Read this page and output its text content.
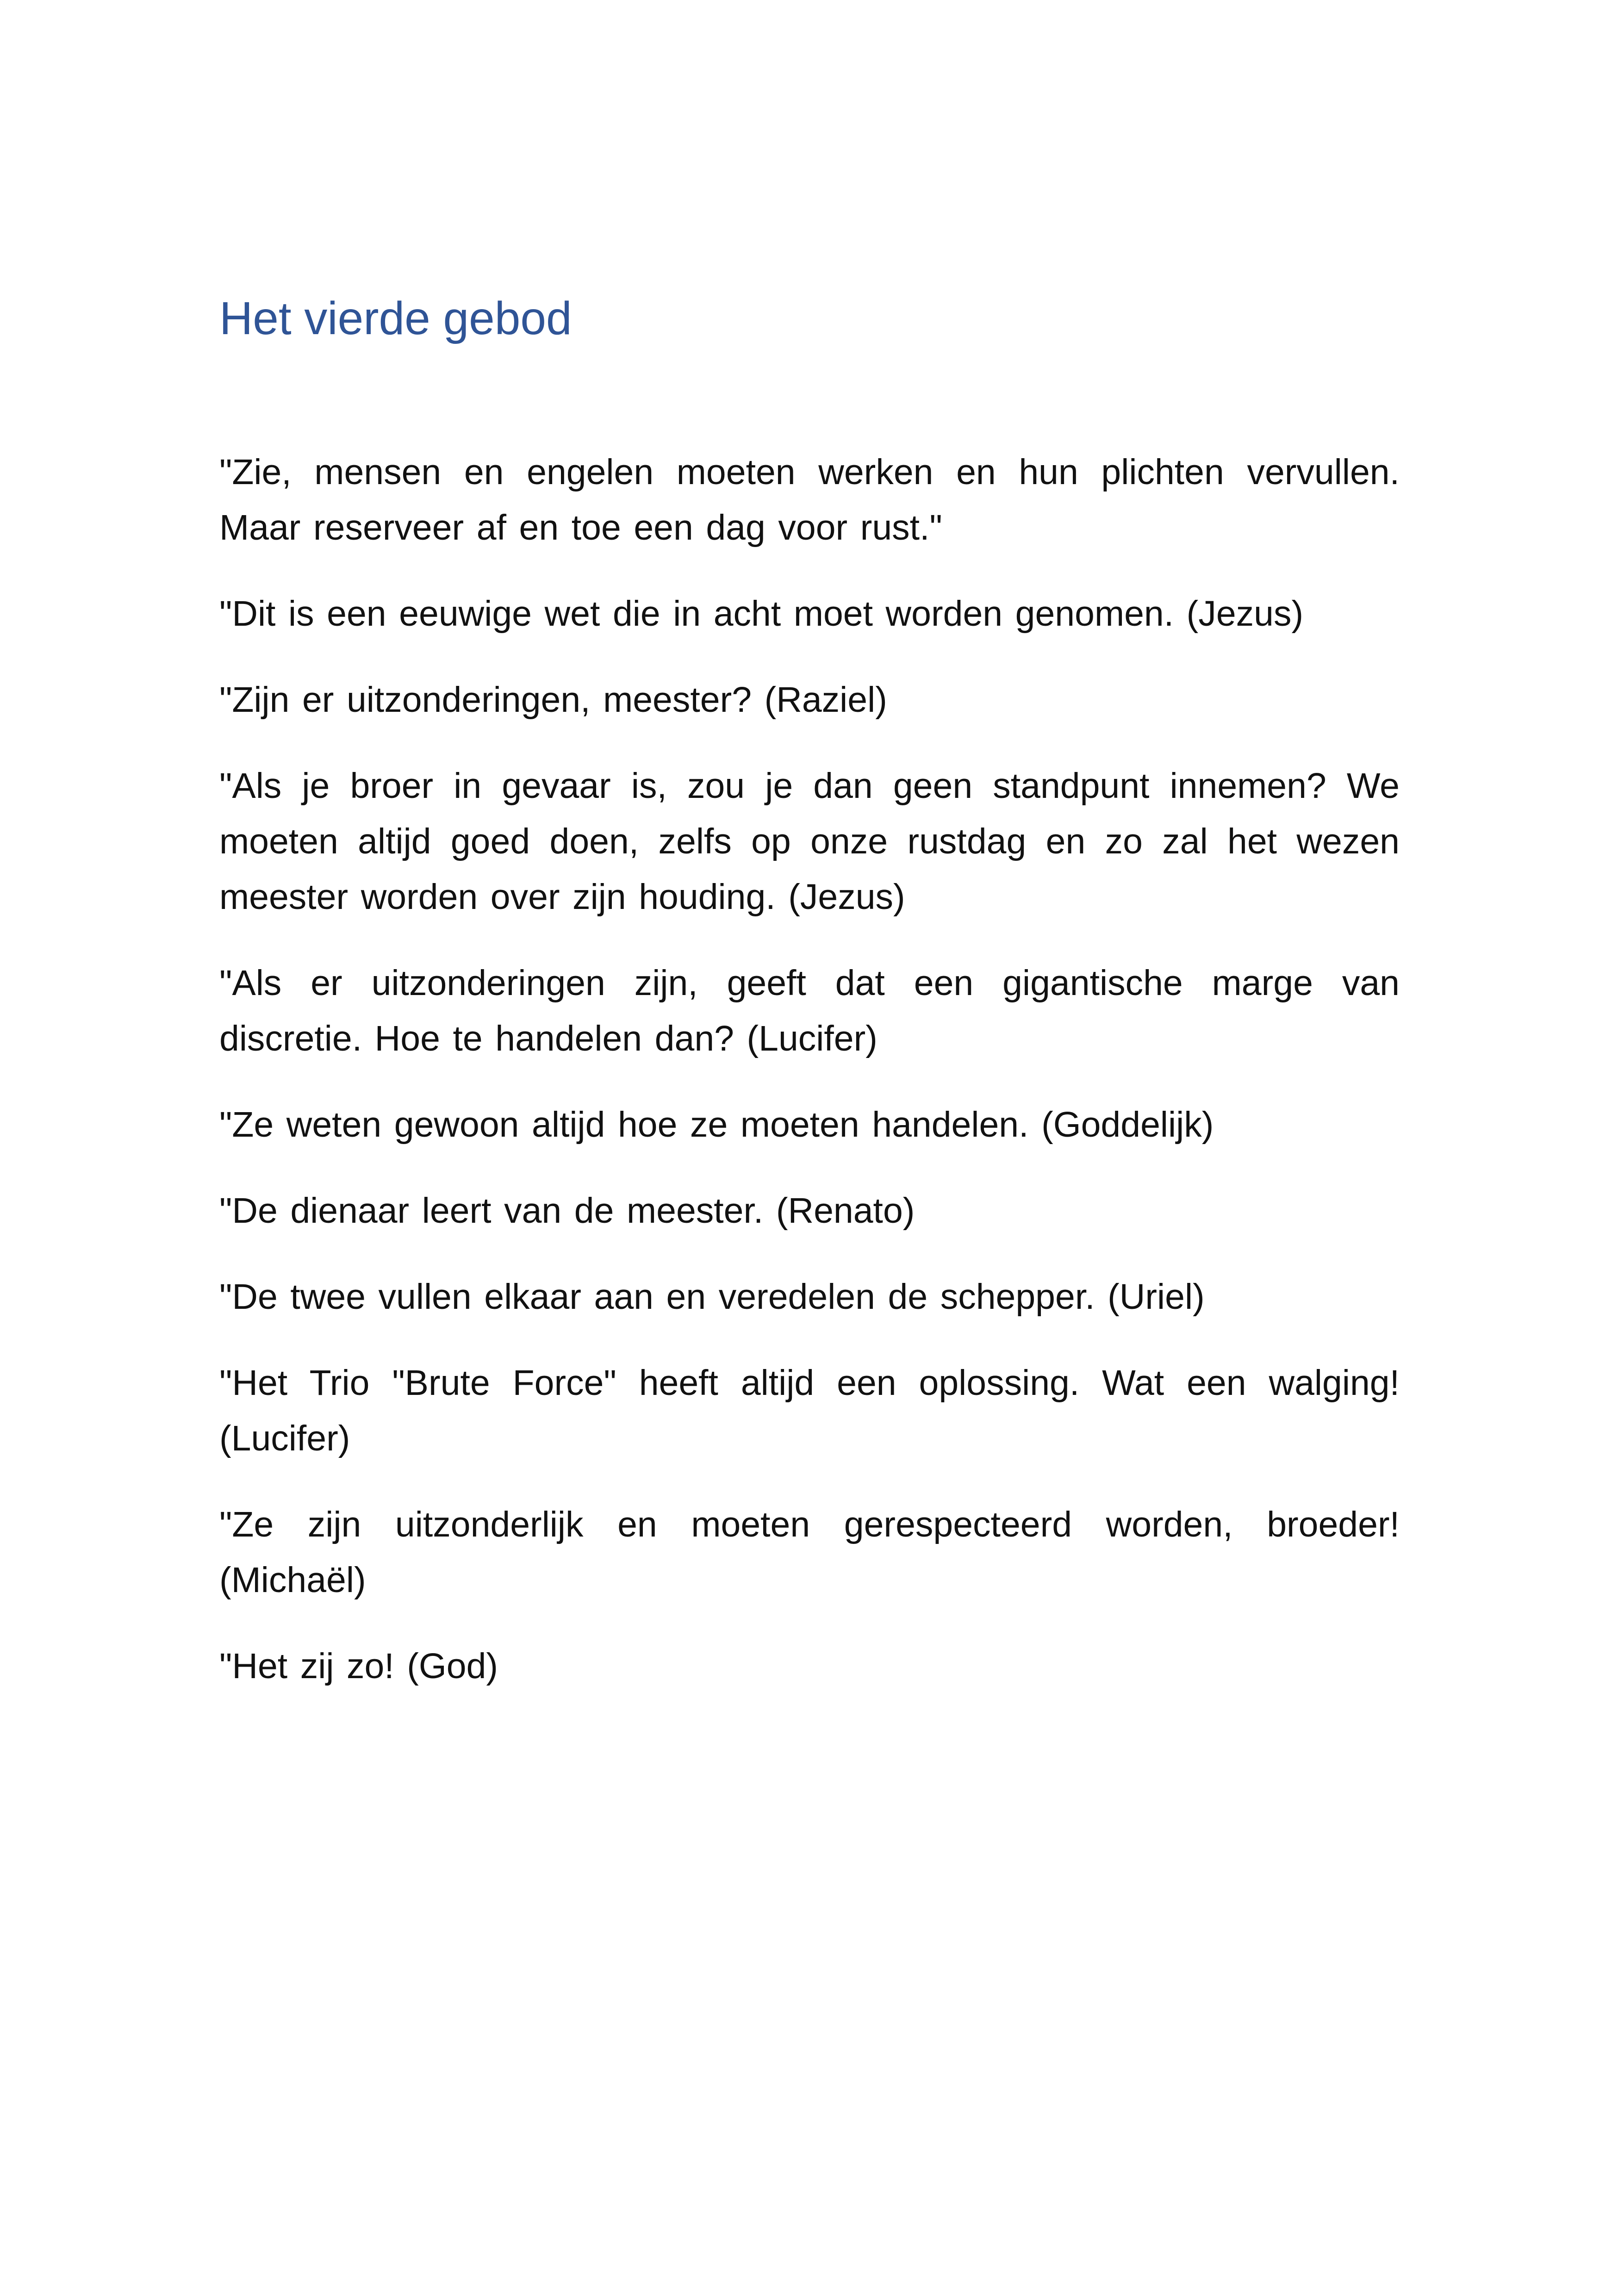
Het vierde gebod

"Zie, mensen en engelen moeten werken en hun plichten vervullen. Maar reserveer af en toe een dag voor rust."

"Dit is een eeuwige wet die in acht moet worden genomen. (Jezus)

"Zijn er uitzonderingen, meester? (Raziel)

"Als je broer in gevaar is, zou je dan geen standpunt innemen? We moeten altijd goed doen, zelfs op onze rustdag en zo zal het wezen meester worden over zijn houding. (Jezus)

"Als er uitzonderingen zijn, geeft dat een gigantische marge van discretie. Hoe te handelen dan? (Lucifer)

"Ze weten gewoon altijd hoe ze moeten handelen. (Goddelijk)

"De dienaar leert van de meester. (Renato)

"De twee vullen elkaar aan en veredelen de schepper. (Uriel)

"Het Trio "Brute Force" heeft altijd een oplossing. Wat een walging! (Lucifer)

"Ze zijn uitzonderlijk en moeten gerespecteerd worden, broeder! (Michaël)

"Het zij zo! (God)
